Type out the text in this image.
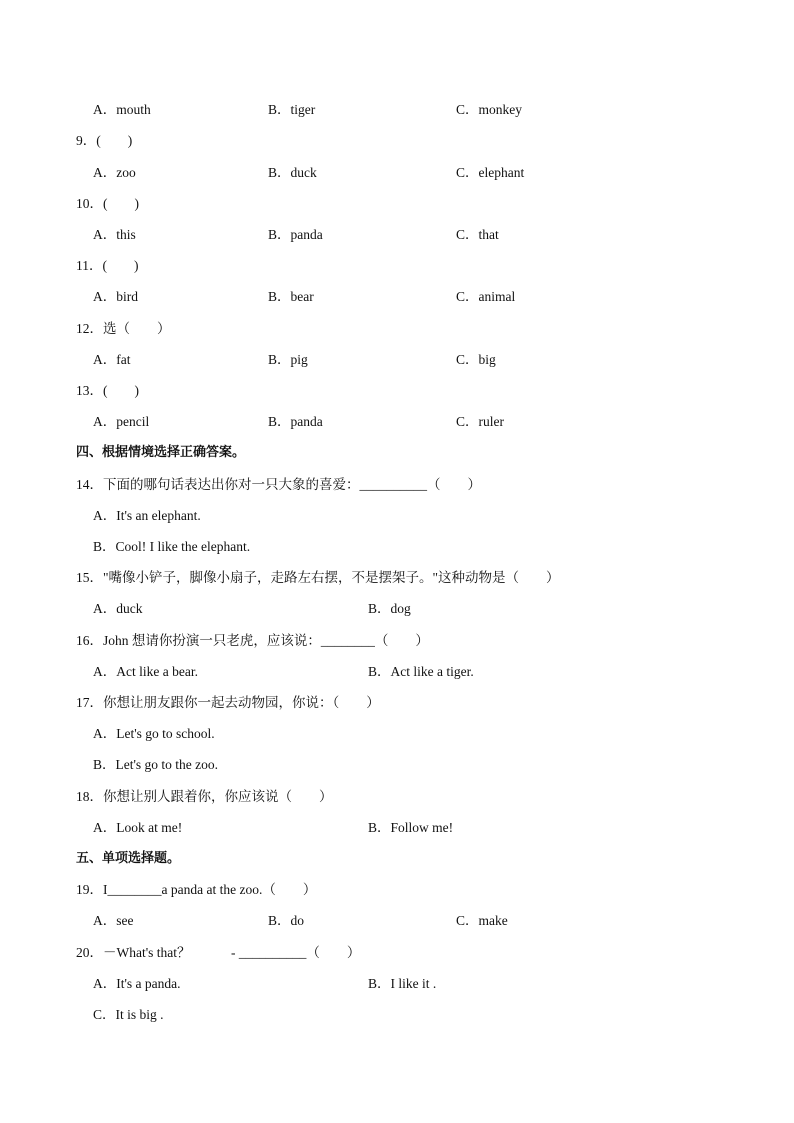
A．mouth	B．tiger	C．monkey
9．(　　)
A．zoo	B．duck	C．elephant
10．(　　)
A．this	B．panda	C．that
11．(　　)
A．bird	B．bear	C．animal
12．选（　　）
A．fat	B．pig	C．big
13．(　　)
A．pencil	B．panda	C．ruler
四、根据情境选择正确答案。
14．下面的哪句话表达出你对一只大象的喜爱：__________（　　）
A．It's an elephant.
B．Cool! I like the elephant.
15．"嘴像小铲子，脚像小扇子，走路左右摆，不是摆架子。"这种动物是（　　）
A．duck	B．dog
16．John 想请你扮演一只老虎，应该说：________（　　）
A．Act like a bear.	B．Act like a tiger.
17．你想让朋友跟你一起去动物园，你说：（　　）
A．Let's go to school.
B．Let's go to the zoo.
18．你想让别人跟着你，你应该说（　　）
A．Look at me!	B．Follow me!
五、单项选择题。
19．I________a panda at the zoo.（　　）
A．see	B．do	C．make
20．－What's that？　　　- __________（　　）
A．It's a panda.	B．I like it .
C．It is big .
